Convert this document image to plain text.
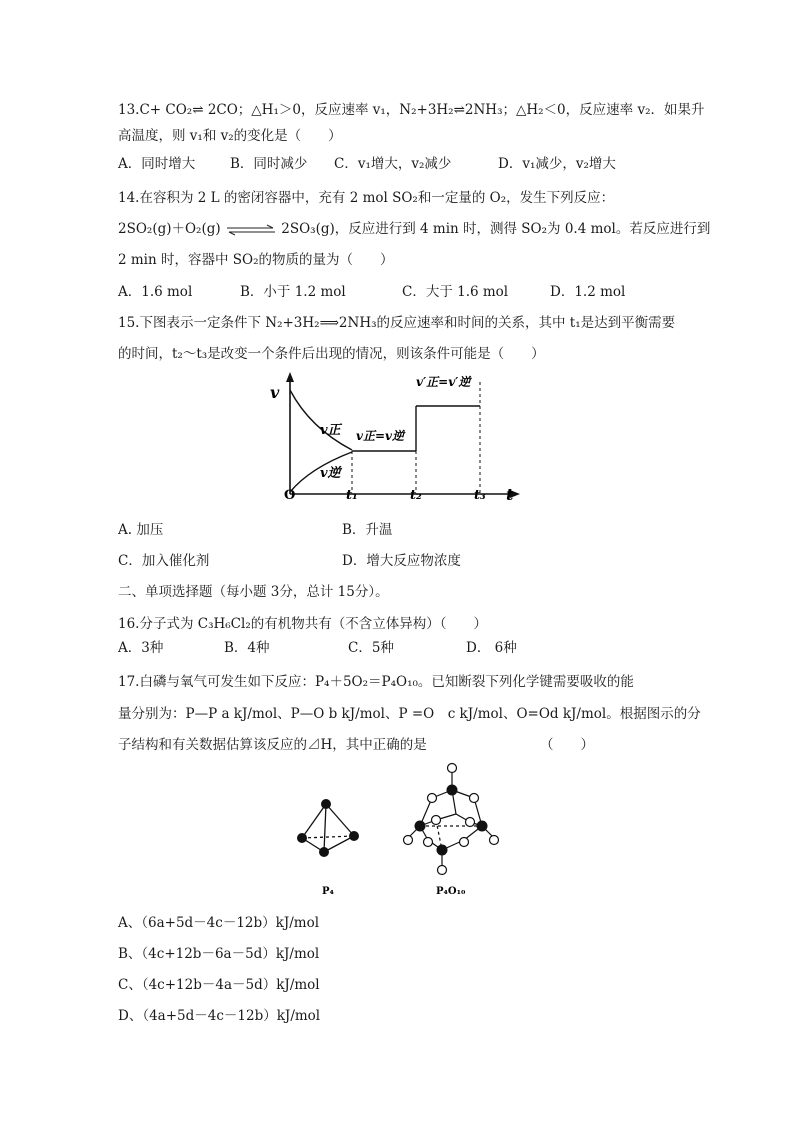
13.C+ CO₂⇌ 2CO；△H₁＞0，反应速率 v₁，N₂+3H₂⇌2NH₃；△H₂＜0，反应速率 v₂．如果升
高温度，则 v₁和 v₂的变化是（　　）
A．同时增大	B．同时减少 C．v₁增大，v₂减少	D．v₁减少，v₂增大
14.在容积为 2 L 的密闭容器中，充有 2 mol SO₂和一定量的 O₂，发生下列反应：
2SO₂(g)＋O₂(g) ⇌ 2SO₃(g)，反应进行到 4 min 时，测得 SO₂为 0.4 mol。若反应进行到
2 min 时，容器中 SO₂的物质的量为（　　）
A．1.6 mol	B．小于 1.2 mol	C．大于 1.6 mol	D．1.2 mol
15.下图表示一定条件下 N₂+3H₂⟹2NH₃的反应速率和时间的关系，其中 t₁是达到平衡需要
的时间，t₂～t₃是改变一个条件后出现的情况，则该条件可能是（　　）
v
t
O	t₁	t₂	t₃
v正
v逆
v正=v逆
v′正=v′逆
A. 加压	B．升温
C．加入催化剂	D．增大反应物浓度
二、单项选择题（每小题 3分，总计 15分）。
16.分子式为 C₃H₆Cl₂的有机物共有（不含立体异构）（　　）
A．3种	B．4种	C．5种	D． 6种
17.白磷与氧气可发生如下反应：P₄＋5O₂＝P₄O₁₀。已知断裂下列化学键需要吸收的能
量分别为：P—P a kJ/mol、P—O b kJ/mol、P =O　c kJ/mol、O=Od kJ/mol。根据图示的分
子结构和有关数据估算该反应的⊿H，其中正确的是	（　　）
P₄	P₄O₁₀
A、（6a+5d－4c－12b）kJ/mol
B、（4c+12b－6a－5d）kJ/mol
C、（4c+12b－4a－5d）kJ/mol
D、（4a+5d－4c－12b）kJ/mol
